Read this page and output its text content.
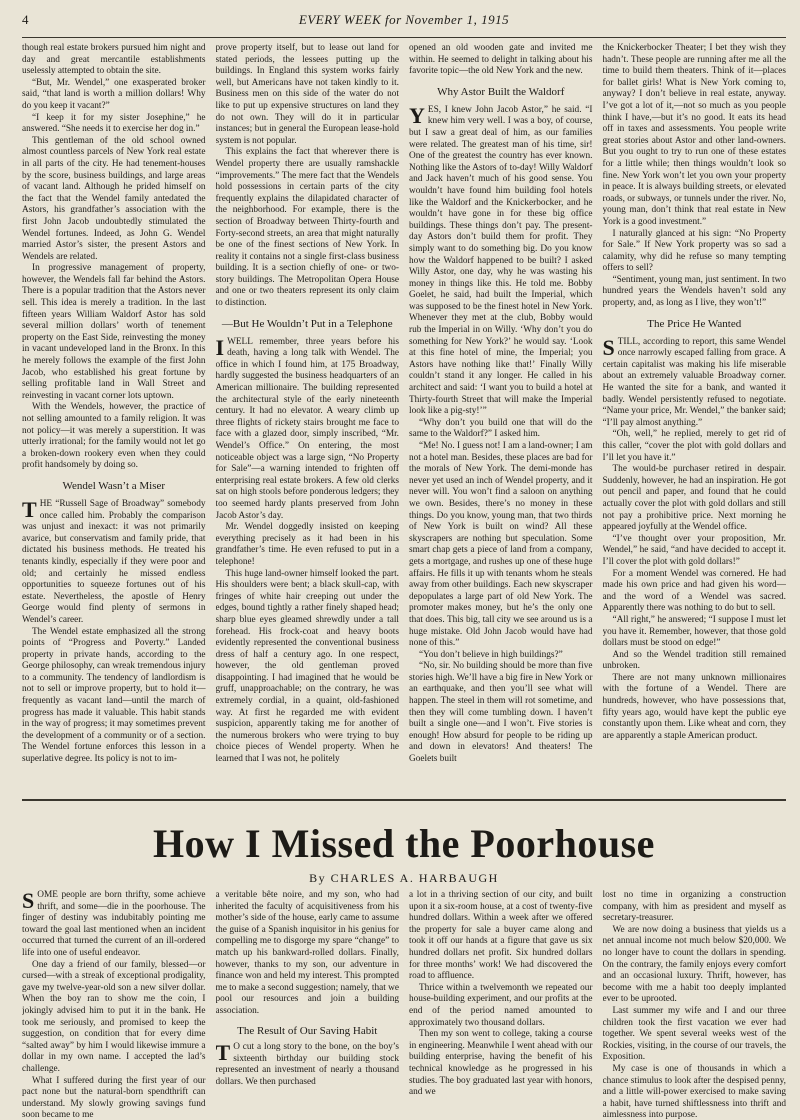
4	EVERY WEEK for November 1, 1915

though real estate brokers pursued him night and day and great mercantile establishments uselessly attempted to obtain the site.

“But, Mr. Wendel,” one exasperated broker said, “that land is worth a million dollars! Why do you keep it vacant?”

“I keep it for my sister Josephine,” he answered. “She needs it to exercise her dog in.”

This gentleman of the old school owned almost countless parcels of New York real estate in all parts of the city. He had tenement-houses by the score, business buildings, and large areas of vacant land. Although he prided himself on the fact that the Wendel family antedated the Astors, his grandfather’s association with the first John Jacob undoubtedly stimulated the Wendel fortunes. Indeed, as John G. Wendel married Astor’s sister, the present Astors and Wendels are related.

In progressive management of property, however, the Wendels fall far behind the Astors. There is a popular tradition that the Astors never sell. This idea is merely a tradition. In the last fifteen years William Waldorf Astor has sold several million dollars’ worth of tenement property on the East Side, reinvesting the money in vacant undeveloped land in the Bronx. In this he merely follows the example of the first John Jacob, who established his great fortune by selling profitable land in Wall Street and reinvesting in vacant corner lots uptown.

With the Wendels, however, the practice of not selling amounted to a family religion. It was not policy—it was merely a superstition. It was utterly irrational; for the family would not let go a broken-down rookery even when they could profit handsomely by doing so.

Wendel Wasn’t a Miser

THE “Russell Sage of Broadway” somebody once called him. Probably the comparison was unjust and inexact: it was not primarily avarice, but conservatism and family pride, that dictated his business methods. He treated his tenants kindly, especially if they were poor and old; and certainly he missed endless opportunities to squeeze fortunes out of his estate. Nevertheless, the apostle of Henry George would find plenty of sermons in Wendel’s career.

The Wendel estate emphasized all the strong points of “Progress and Poverty.” Landed property in private hands, according to the George philosophy, can wreak tremendous injury to a community. The tendency of landlordism is not to sell or improve property, but to hold it—frequently as vacant land—until the march of progress has made it valuable. This habit stands in the way of progress; it may sometimes prevent the development of a community or of a section. The Wendel fortune enforces this lesson in a superlative degree. Its policy is not to im-

prove property itself, but to lease out land for stated periods, the lessees putting up the buildings. In England this system works fairly well, but Americans have not taken kindly to it. Business men on this side of the water do not like to put up expensive structures on land they do not own. They will do it in particular instances; but in general the European lease-hold system is not popular.

This explains the fact that wherever there is Wendel property there are usually ramshackle “improvements.” The mere fact that the Wendels hold possessions in certain parts of the city frequently explains the dilapidated character of the neighborhood. For example, there is the section of Broadway between Thirty-fourth and Forty-second streets, an area that might naturally be one of the finest sections of New York. In reality it contains not a single first-class business building. It is a section chiefly of one- or two-story buildings. The Metropolitan Opera House and one or two theaters represent its only claim to distinction.

—But He Wouldn’t Put in a Telephone

IWELL remember, three years before his death, having a long talk with Wendel. The office in which I found him, at 175 Broadway, hardly suggested the business headquarters of an American millionaire. The building represented the architectural style of the early nineteenth century. It had no elevator. A weary climb up three flights of rickety stairs brought me face to face with a glazed door, simply inscribed, “Mr. Wendel’s Office.” On entering, the most noticeable object was a large sign, “No Property for Sale”—a warning intended to frighten off enterprising real estate brokers. A few old clerks sat on high stools before ponderous ledgers; they too seemed hardy plants preserved from John Jacob Astor’s day.

Mr. Wendel doggedly insisted on keeping everything precisely as it had been in his grandfather’s time. He even refused to put in a telephone!

This huge land-owner himself looked the part. His shoulders were bent; a black skull-cap, with fringes of white hair creeping out under the edges, bound tightly a rather finely shaped head; sharp blue eyes gleamed shrewdly under a tall forehead. His frock-coat and heavy boots evidently represented the conventional business dress of half a century ago. In one respect, however, the old gentleman proved disappointing. I had imagined that he would be gruff, unapproachable; on the contrary, he was extremely cordial, in a quaint, old-fashioned way. At first he regarded me with evident suspicion, apparently taking me for another of the numerous brokers who were trying to buy choice pieces of Wendel property. When he learned that I was not, he politely

opened an old wooden gate and invited me within. He seemed to delight in talking about his favorite topic—the old New York and the new.

Why Astor Built the Waldorf

YES, I knew John Jacob Astor,” he said. “I knew him very well. I was a boy, of course, but I saw a great deal of him, as our families were related. The greatest man of his time, sir! One of the greatest the country has ever known. Nothing like the Astors of to-day! Willy Waldorf and Jack haven’t much of his good sense. You wouldn’t have found him building fool hotels like the Waldorf and the Knickerbocker, and he wouldn’t have gone in for these big office buildings. These things don’t pay. The present-day Astors don’t build them for profit. They simply want to do something big. Do you know how the Waldorf happened to be built? I asked Willy Astor, one day, why he was wasting his money in things like this. He told me. Bobby Goelet, he said, had built the Imperial, which was supposed to be the finest hotel in New York. Whenever they met at the club, Bobby would rub the Imperial in on Willy. ‘Why don’t you do something for New York?’ he would say. ‘Look at this fine hotel of mine, the Imperial; you Astors have nothing like that!’ Finally Willy couldn’t stand it any longer. He called in his architect and said: ‘I want you to build a hotel at Thirty-fourth Street that will make the Imperial look like a pig-sty!’”

“Why don’t you build one that will do the same to the Waldorf?” I asked him.

“Me! No. I guess not! I am a land-owner; I am not a hotel man. Besides, these places are bad for the morals of New York. The demi-monde has never yet used an inch of Wendel property, and it never will. You won’t find a saloon on anything we own. Besides, there’s no money in these things. Do you know, young man, that two thirds of New York is built on wind? All these skyscrapers are nothing but speculation. Some smart chap gets a piece of land from a company, gets a mortgage, and rushes up one of these huge affairs. He fills it up with tenants whom he steals away from other buildings. Each new skyscraper depopulates a large part of old New York. The promoter makes money, but he’s the only one that does. This big, tall city we see around us is a huge mistake. Old John Jacob would have had none of this.”

“You don’t believe in high buildings?”

“No, sir. No building should be more than five stories high. We’ll have a big fire in New York or an earthquake, and then you’ll see what will happen. The steel in them will rot sometime, and then they will come tumbling down. I haven’t built a single one—and I won’t. Five stories is enough! How absurd for people to be riding up and down in elevators! And theaters! The Goelets built

the Knickerbocker Theater; I bet they wish they hadn’t. These people are running after me all the time to build them theaters. Think of it—places for ballet girls! What is New York coming to, anyway? I don’t believe in real estate, anyway. I’ve got a lot of it,—not so much as you people think I have,—but it’s no good. It eats its head off in taxes and assessments. You people write great stories about Astor and other land-owners. But you ought to try to run one of these estates for a little while; then things wouldn’t look so fine. New York won’t let you own your property in peace. It is always building streets, or elevated roads, or subways, or tunnels under the river. No, young man, don’t think that real estate in New York is a good investment.”

I naturally glanced at his sign: “No Property for Sale.” If New York property was so sad a calamity, why did he refuse so many tempting offers to sell?

“Sentiment, young man, just sentiment. In two hundred years the Wendels haven’t sold any property, and, as long as I live, they won’t!”

The Price He Wanted

STILL, according to report, this same Wendel once narrowly escaped falling from grace. A certain capitalist was making his life miserable about an extremely valuable Broadway corner. He wanted the site for a bank, and wanted it badly. Wendel persistently refused to negotiate. “Name your price, Mr. Wendel,” the banker said; “I’ll pay almost anything.”

“Oh, well,” he replied, merely to get rid of this caller, “cover the plot with gold dollars and I’ll let you have it.”

The would-be purchaser retired in despair. Suddenly, however, he had an inspiration. He got out pencil and paper, and found that he could actually cover the plot with gold dollars and still not pay a prohibitive price. Next morning he appeared joyfully at the Wendel office.

“I’ve thought over your proposition, Mr. Wendel,” he said, “and have decided to accept it. I’ll cover the plot with gold dollars!”

For a moment Wendel was cornered. He had made his own price and had given his word—and the word of a Wendel was sacred. Apparently there was nothing to do but to sell.

“All right,” he answered; “I suppose I must let you have it. Remember, however, that those gold dollars must be stood on edge!”

And so the Wendel tradition still remained unbroken.

There are not many unknown millionaires with the fortune of a Wendel. There are hundreds, however, who have possessions that, fifty years ago, would have kept the public eye constantly upon them. Like wheat and corn, they are apparently a staple American product.

How I Missed the Poorhouse
By CHARLES A. HARBAUGH

SOME people are born thrifty, some achieve thrift, and some—die in the poorhouse. The finger of destiny was indubitably pointing me toward the goal last mentioned when an incident occurred that turned the current of an ill-ordered life into one of useful endeavor.

One day a friend of our family, blessed—or cursed—with a streak of exceptional prodigality, gave my twelve-year-old son a new silver dollar. When the boy ran to show me the coin, I jokingly advised him to put it in the bank. He took me seriously, and promised to keep the suggestion, on condition that for every dime “salted away” by him I would likewise immure a dollar in my own name. I accepted the lad’s challenge.

What I suffered during the first year of our pact none but the natural-born spendthrift can understand. My slowly growing savings fund soon became to me

a veritable bête noire, and my son, who had inherited the faculty of acquisitiveness from his mother’s side of the house, early came to assume the guise of a Spanish inquisitor in his genius for compelling me to disgorge my spare “change” to match up his bankward-rolled dollars. Finally, however, thanks to my son, our adventure in finance won and held my interest. This prompted me to make a second suggestion; namely, that we pool our resources and join a building association.

The Result of Our Saving Habit

T O cut a long story to the bone, on the boy’s sixteenth birthday our building stock represented an investment of nearly a thousand dollars. We then purchased

a lot in a thriving section of our city, and built upon it a six-room house, at a cost of twenty-five hundred dollars. Within a week after we offered the property for sale a buyer came along and took it off our hands at a figure that gave us six hundred dollars net profit. Six hundred dollars for three months’ work! We had discovered the road to affluence.

Thrice within a twelvemonth we repeated our house-building experiment, and our profits at the end of the period named amounted to approximately two thousand dollars.

Then my son went to college, taking a course in engineering. Meanwhile I went ahead with our building enterprise, having the benefit of his technical knowledge as he progressed in his studies. The boy graduated last year with honors, and we

lost no time in organizing a construction company, with him as president and myself as secretary-treasurer.

We are now doing a business that yields us a net annual income not much below $20,000. We no longer have to count the dollars in spending. On the contrary, the family enjoys every comfort and an occasional luxury. Thrift, however, has become with me a habit too deeply implanted ever to be uprooted.

Last summer my wife and I and our three children took the first vacation we ever had together. We spent several weeks west of the Rockies, visiting, in the course of our travels, the Exposition.

My case is one of thousands in which a chance stimulus to look after the despised penny, and a little will-power exercised to make saving a habit, have turned shiftlessness into thrift and aimlessness into purpose.
